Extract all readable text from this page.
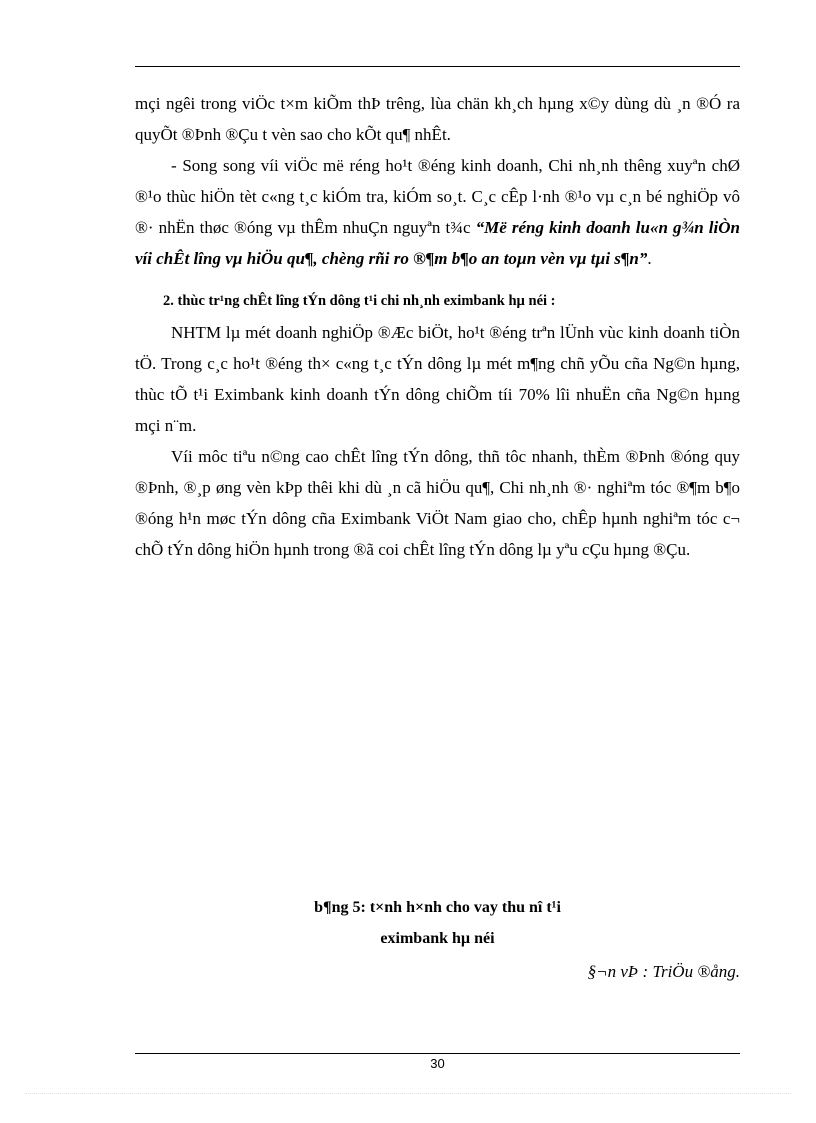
mçi ngêi trong viÖc t×m kiÕm thÞ trêng, lùa chän kh¸ch hµng x©y dùng dù ¸n ®Ó ra quyÕt ®Þnh ®Çu t vèn sao cho kÕt qu¶ nhÊt.

- Song song víi viÖc më réng ho¹t ®éng kinh doanh, Chi nh¸nh thêng xuyªn chØ ®¹o thùc hiÖn tèt c«ng t¸c kiÓm tra, kiÓm so¸t. C¸c cÊp l·nh ®¹o vµ c¸n bé nghiÖp vô ®· nhËn thøc ®óng vµ thÊm nhuÇn nguyªn t¾c “Më réng kinh doanh lu«n g¾n liÒn víi chÊt lîng vµ hiÖu qu¶, chèng rñi ro ®¶m b¶o an toµn vèn vµ tµi s¶n”.

2. thùc tr¹ng chÊt lîng tÝn dông t¹i chi nh¸nh eximbank hµ néi :

NHTM lµ mét doanh nghiÖp ®Æc biÖt, ho¹t ®éng trªn lÜnh vùc kinh doanh tiÒn tÖ. Trong c¸c ho¹t ®éng th× c«ng t¸c tÝn dông lµ mét m¶ng chñ yÕu cña Ng©n hµng, thùc tÕ t¹i Eximbank kinh doanh tÝn dông chiÕm tíi 70% lîi nhuËn cña Ng©n hµng mçi n¨m.

Víi môc tiªu n©ng cao chÊt lîng tÝn dông, thñ tôc nhanh, thÈm ®Þnh ®óng quy ®Þnh, ®¸p øng vèn kÞp thêi khi dù ¸n cã hiÖu qu¶, Chi nh¸nh ®· nghiªm tóc ®¶m b¶o ®óng h¹n møc tÝn dông cña Eximbank ViÖt Nam giao cho, chÊp hµnh nghiªm tóc c¬ chÕ tÝn dông hiÖn hµnh trong ®ã coi chÊt lîng tÝn dông lµ yªu cÇu hµng ®Çu.

b¶ng 5: t×nh h×nh cho vay thu nî t¹i
eximbank hµ néi
§¬n vÞ : TriÖu ®ång.
30
